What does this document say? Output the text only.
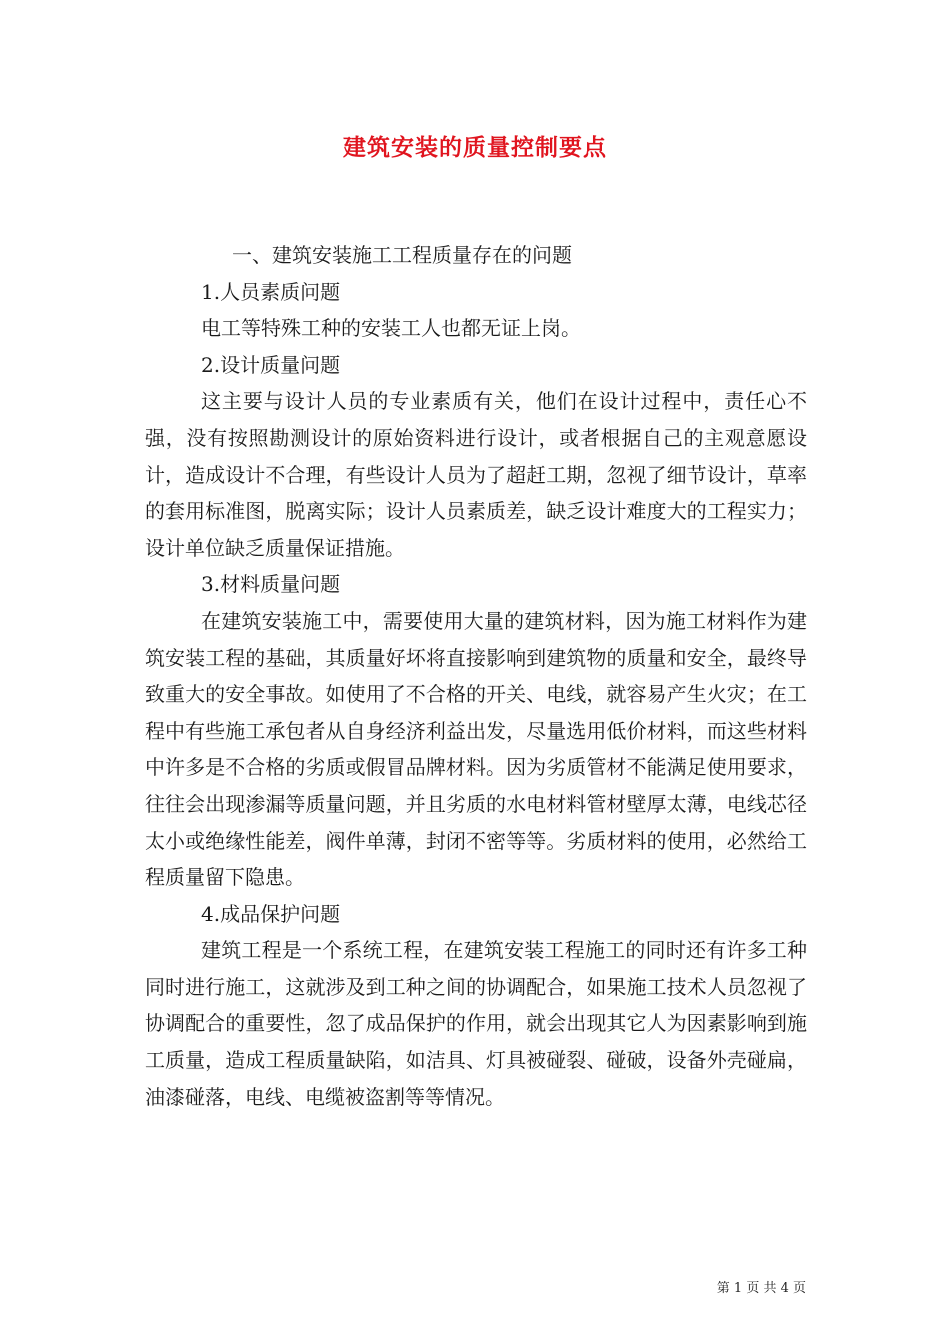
建筑安装的质量控制要点

一、建筑安装施工工程质量存在的问题

1.人员素质问题

电工等特殊工种的安装工人也都无证上岗。

2.设计质量问题

这主要与设计人员的专业素质有关，他们在设计过程中，责任心不强，没有按照勘测设计的原始资料进行设计，或者根据自己的主观意愿设计，造成设计不合理，有些设计人员为了超赶工期，忽视了细节设计，草率的套用标准图，脱离实际；设计人员素质差，缺乏设计难度大的工程实力；设计单位缺乏质量保证措施。

3.材料质量问题

在建筑安装施工中，需要使用大量的建筑材料，因为施工材料作为建筑安装工程的基础，其质量好坏将直接影响到建筑物的质量和安全，最终导致重大的安全事故。如使用了不合格的开关、电线，就容易产生火灾；在工程中有些施工承包者从自身经济利益出发，尽量选用低价材料，而这些材料中许多是不合格的劣质或假冒品牌材料。因为劣质管材不能满足使用要求，往往会出现渗漏等质量问题，并且劣质的水电材料管材壁厚太薄，电线芯径太小或绝缘性能差，阀件单薄，封闭不密等等。劣质材料的使用，必然给工程质量留下隐患。

4.成品保护问题

建筑工程是一个系统工程，在建筑安装工程施工的同时还有许多工种同时进行施工，这就涉及到工种之间的协调配合，如果施工技术人员忽视了协调配合的重要性，忽了成品保护的作用，就会出现其它人为因素影响到施工质量，造成工程质量缺陷，如洁具、灯具被碰裂、碰破，设备外壳碰扁，油漆碰落，电线、电缆被盗割等等情况。

第 1 页 共 4 页
